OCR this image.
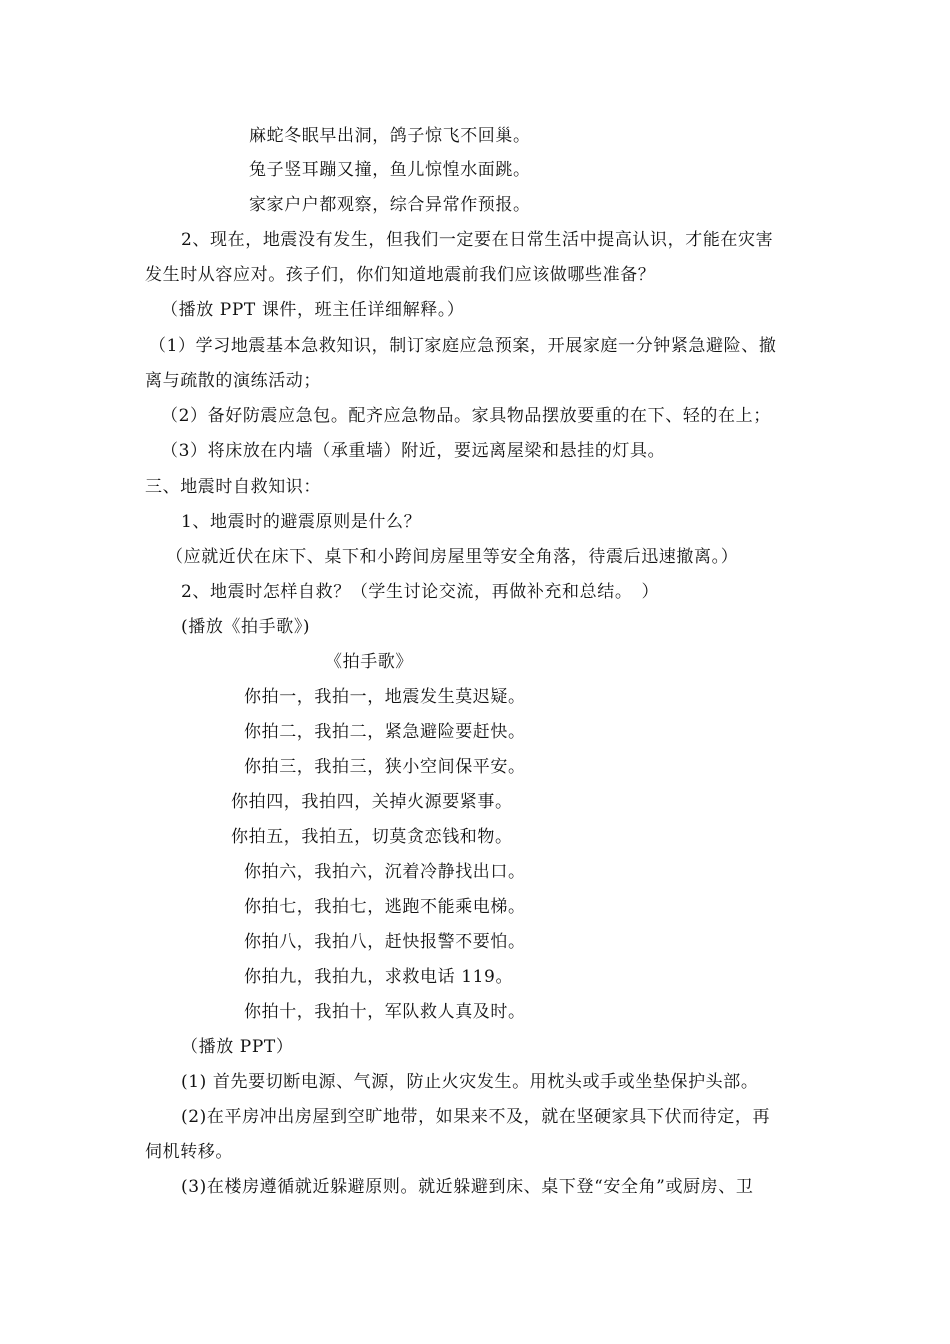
麻蛇冬眠早出洞，鸽子惊飞不回巢。
兔子竖耳蹦又撞，鱼儿惊惶水面跳。
家家户户都观察，综合异常作预报。
2、现在，地震没有发生，但我们一定要在日常生活中提高认识，才能在灾害
发生时从容应对。孩子们，你们知道地震前我们应该做哪些准备？
（播放 PPT 课件，班主任详细解释。）
（1）学习地震基本急救知识，制订家庭应急预案，开展家庭一分钟紧急避险、撤
离与疏散的演练活动；
（2）备好防震应急包。配齐应急物品。家具物品摆放要重的在下、轻的在上；
（3）将床放在内墙（承重墙）附近，要远离屋梁和悬挂的灯具。
三、地震时自救知识：
1、地震时的避震原则是什么？
（应就近伏在床下、桌下和小跨间房屋里等安全角落，待震后迅速撤离。）
2、地震时怎样自救？（学生讨论交流，再做补充和总结。　）
(播放《拍手歌》)
《拍手歌》
你拍一，我拍一，地震发生莫迟疑。
你拍二，我拍二，紧急避险要赶快。
你拍三，我拍三，狭小空间保平安。
你拍四，我拍四，关掉火源要紧事。
你拍五，我拍五，切莫贪恋钱和物。
你拍六，我拍六，沉着冷静找出口。
你拍七，我拍七，逃跑不能乘电梯。
你拍八，我拍八，赶快报警不要怕。
你拍九，我拍九，求救电话 119。
你拍十，我拍十，军队救人真及时。
（播放 PPT）
(1) 首先要切断电源、气源，防止火灾发生。用枕头或手或坐垫保护头部。
(2)在平房冲出房屋到空旷地带，如果来不及，就在坚硬家具下伏而待定，再
伺机转移。
(3)在楼房遵循就近躲避原则。就近躲避到床、桌下登“安全角”或厨房、卫
